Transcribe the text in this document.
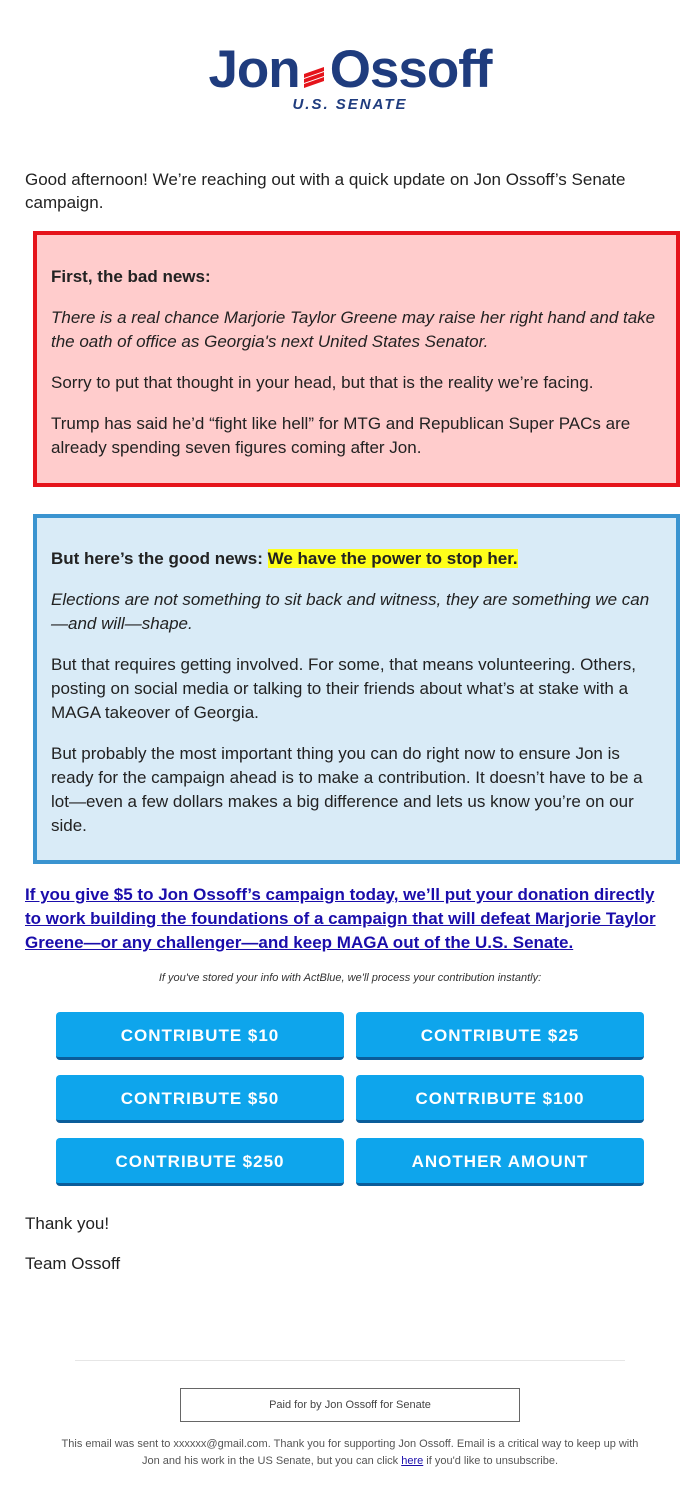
Jon Ossoff
U.S. SENATE

Good afternoon! We’re reaching out with a quick update on Jon Ossoff’s Senate campaign.

First, the bad news:

There is a real chance Marjorie Taylor Greene may raise her right hand and take the oath of office as Georgia's next United States Senator.

Sorry to put that thought in your head, but that is the reality we’re facing.

Trump has said he’d “fight like hell” for MTG and Republican Super PACs are already spending seven figures coming after Jon.

But here’s the good news: We have the power to stop her.

Elections are not something to sit back and witness, they are something we can—and will—shape.

But that requires getting involved. For some, that means volunteering. Others, posting on social media or talking to their friends about what’s at stake with a MAGA takeover of Georgia.

But probably the most important thing you can do right now to ensure Jon is ready for the campaign ahead is to make a contribution. It doesn’t have to be a lot—even a few dollars makes a big difference and lets us know you’re on our side.

If you give $5 to Jon Ossoff’s campaign today, we’ll put your donation directly to work building the foundations of a campaign that will defeat Marjorie Taylor Greene—or any challenger—and keep MAGA out of the U.S. Senate.

If you've stored your info with ActBlue, we'll process your contribution instantly:

CONTRIBUTE $10	CONTRIBUTE $25
CONTRIBUTE $50	CONTRIBUTE $100
CONTRIBUTE $250	ANOTHER AMOUNT

Thank you!

Team Ossoff

Paid for by Jon Ossoff for Senate

This email was sent to xxxxxx@gmail.com. Thank you for supporting Jon Ossoff. Email is a critical way to keep up with Jon and his work in the US Senate, but you can click here if you'd like to unsubscribe.
